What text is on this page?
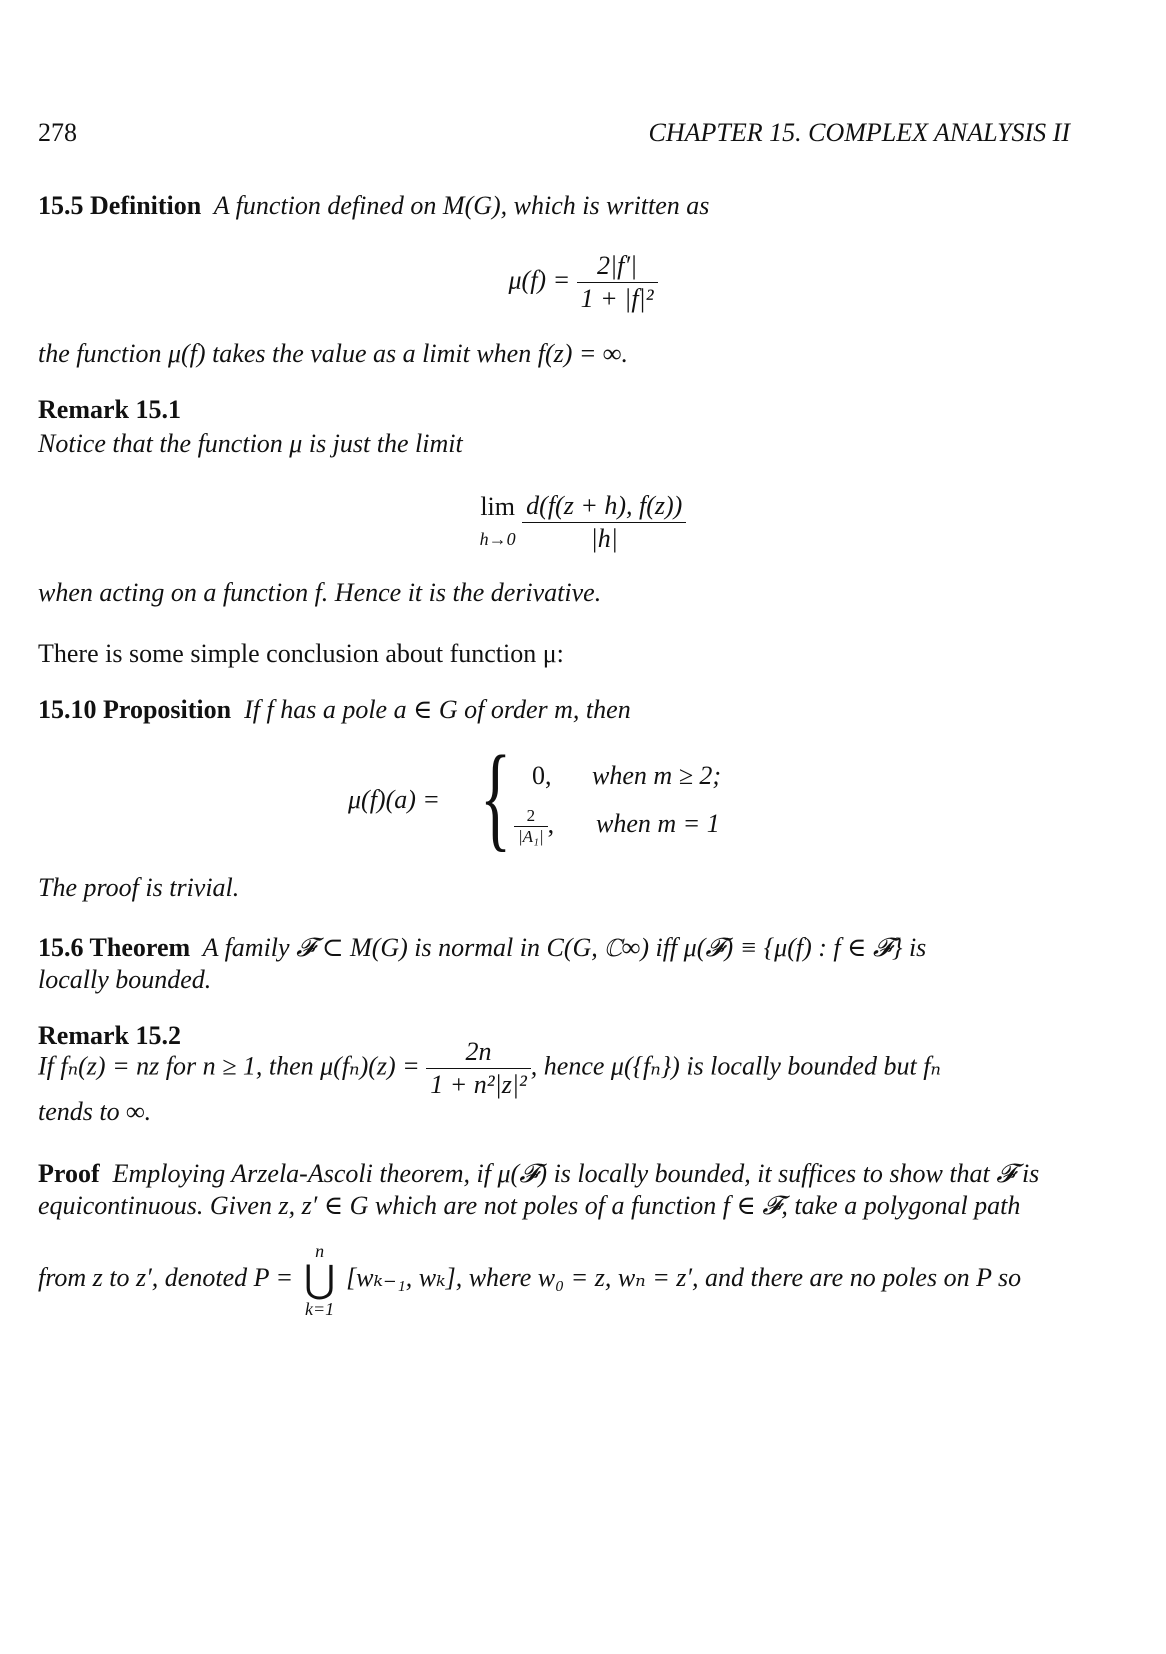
278	CHAPTER 15. COMPLEX ANALYSIS II
15.5 Definition A function defined on M(G), which is written as
$\mu(f) = \frac{2|f'|}{\text{1 + |f|²}}$
the function μ(f) takes the value as a limit when f(z) = ∞.
Remark 15.1
Notice that the function μ is just the limit
lim
h→0
$\frac{d(f(z + h), f(z))}{|h|}$
when acting on a function f. Hence it is the derivative.
There is some simple conclusion about function μ:
15.10 Proposition If f has a pole a ∈ G of order m, then
μ(f)(a) = { 0, when m ≥ 2;
$\frac{2}{\text{|A₁|}}$ , when m = 1
The proof is trivial.
15.6 Theorem A family 𝓕 ⊂ M(G) is normal in C(G, ℂ∞) iff μ(𝓕) ≡ {μ(f) : f ∈ 𝓕} is
locally bounded.
Remark 15.2
If fₙ(z) = nz for n ≥ 1, then $\mu(f_n)(z) = \frac{2n}{\text{1 + n²|z|²}}$ , hence μ({fₙ}) is locally bounded but fₙ
tends to ∞.
Proof Employing Arzela-Ascoli theorem, if μ(𝓕) is locally bounded, it suffices to show that 𝓕 is
equicontinuous. Given z, z′ ∈ G which are not poles of a function f ∈ 𝓕, take a polygonal path
from z to z′, denoted P =
n
⋃
k=1
[wₖ₋₁, wₖ], where w₀ = z, wₙ = z′, and there are no poles on P so
